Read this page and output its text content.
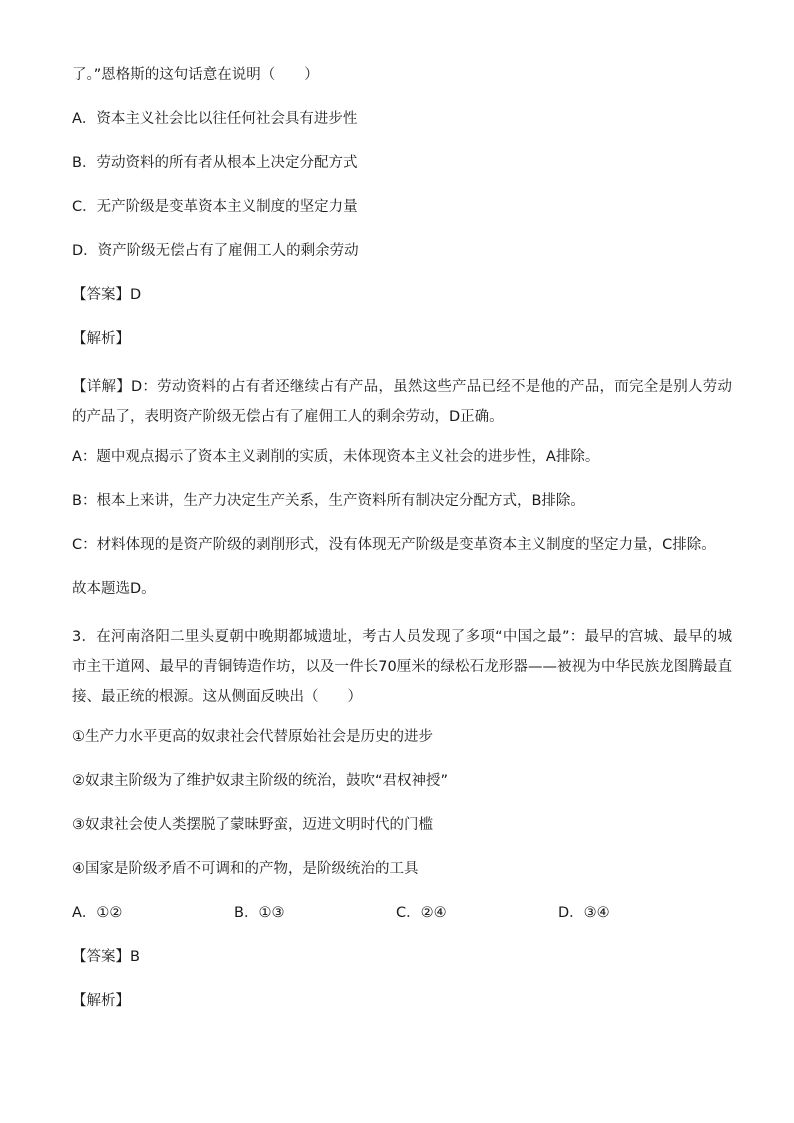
了。”恩格斯的这句话意在说明（　　）
A．资本主义社会比以往任何社会具有进步性
B．劳动资料的所有者从根本上决定分配方式
C．无产阶级是变革资本主义制度的坚定力量
D．资产阶级无偿占有了雇佣工人的剩余劳动
【答案】D
【解析】
【详解】D：劳动资料的占有者还继续占有产品，虽然这些产品已经不是他的产品，而完全是别人劳动的产品了，表明资产阶级无偿占有了雇佣工人的剩余劳动，D正确。
A：题中观点揭示了资本主义剥削的实质，未体现资本主义社会的进步性，A排除。
B：根本上来讲，生产力决定生产关系，生产资料所有制决定分配方式，B排除。
C：材料体现的是资产阶级的剥削形式，没有体现无产阶级是变革资本主义制度的坚定力量，C排除。
故本题选D。
3．在河南洛阳二里头夏朝中晚期都城遗址，考古人员发现了多项“中国之最”：最早的宫城、最早的城市主干道网、最早的青铜铸造作坊，以及一件长70厘米的绿松石龙形器——被视为中华民族龙图腾最直接、最正统的根源。这从侧面反映出（　　）
①生产力水平更高的奴隶社会代替原始社会是历史的进步
②奴隶主阶级为了维护奴隶主阶级的统治，鼓吹“君权神授”
③奴隶社会使人类摆脱了蒙昧野蛮，迈进文明时代的门槛
④国家是阶级矛盾不可调和的产物，是阶级统治的工具
A．①②	B．①③	C．②④	D．③④
【答案】B
【解析】
